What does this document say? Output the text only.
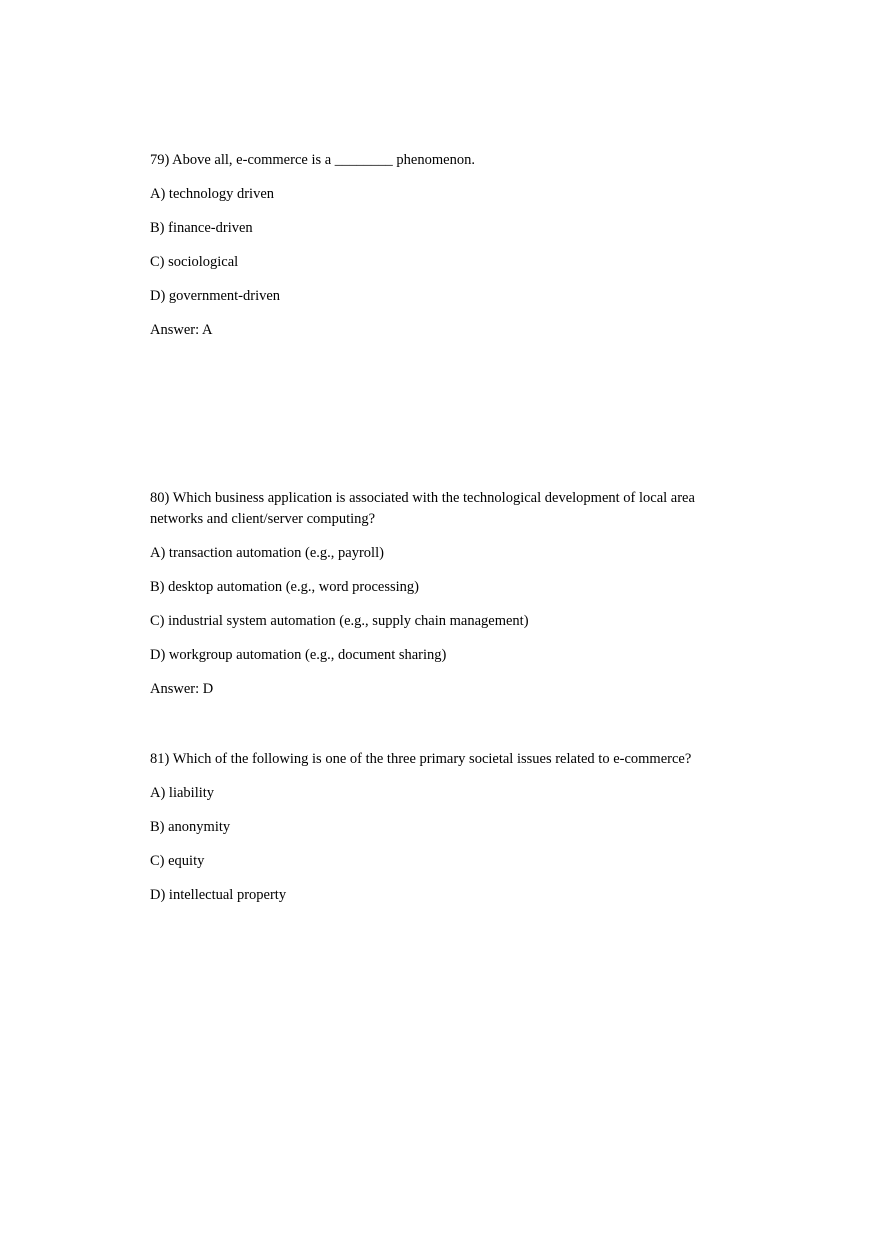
79) Above all, e-commerce is a ________ phenomenon.

A) technology driven

B) finance-driven

C) sociological

D) government-driven

Answer: A

80) Which business application is associated with the technological development of local area networks and client/server computing?

A) transaction automation (e.g., payroll)

B) desktop automation (e.g., word processing)

C) industrial system automation (e.g., supply chain management)

D) workgroup automation (e.g., document sharing)

Answer: D

81) Which of the following is one of the three primary societal issues related to e-commerce?

A) liability

B) anonymity

C) equity

D) intellectual property
